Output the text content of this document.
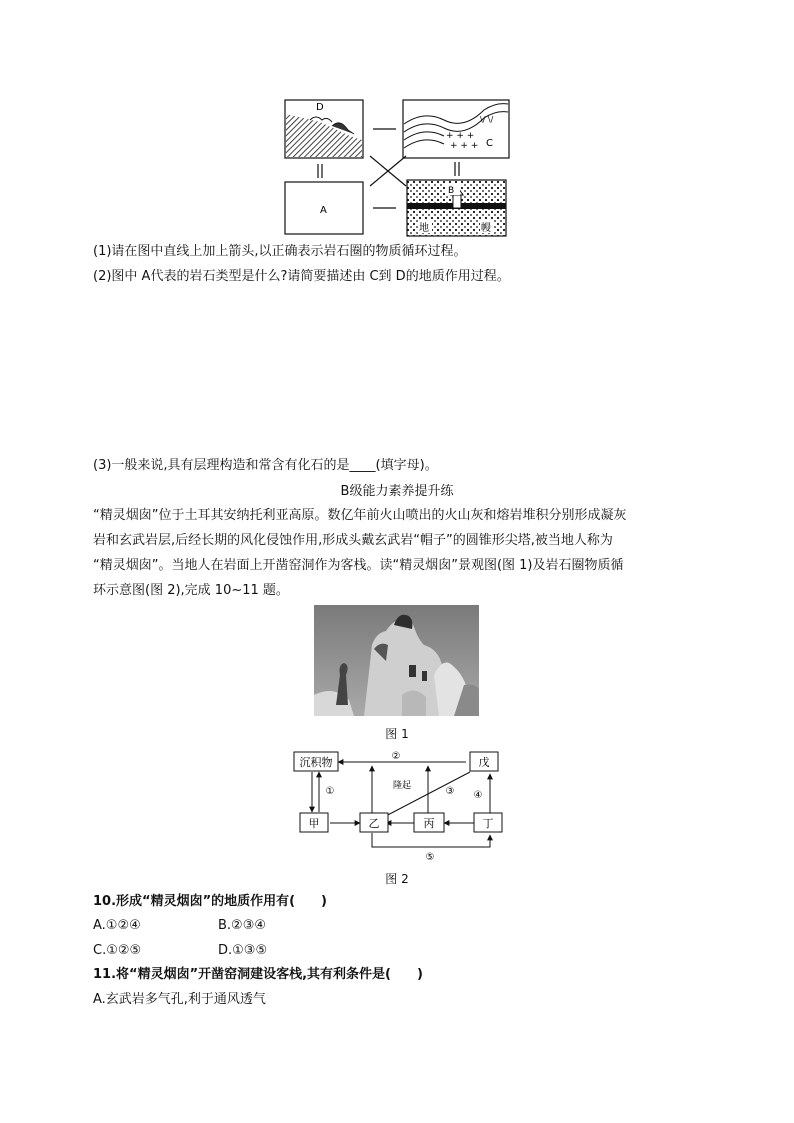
D
+ + +
+ + +
\/ \/
C
A
B
地	幔
(1)请在图中直线上加上箭头,以正确表示岩石圈的物质循环过程。
(2)图中 A代表的岩石类型是什么?请简要描述由 C到 D的地质作用过程。
(3)一般来说,具有层理构造和常含有化石的是____(填字母)。
B级能力素养提升练
“精灵烟囱”位于土耳其安纳托利亚高原。数亿年前火山喷出的火山灰和熔岩堆积分别形成凝灰
岩和玄武岩层,后经长期的风化侵蚀作用,形成头戴玄武岩“帽子”的圆锥形尖塔,被当地人称为
“精灵烟囱”。当地人在岩面上开凿窑洞作为客栈。读“精灵烟囱”景观图(图 1)及岩石圈物质循
环示意图(图 2),完成 10~11 题。
图 1
沉积物	戊
甲	乙	丙	丁
②
隆起	③
①	④
⑤
图 2
10.形成“精灵烟囱”的地质作用有(　　)
A.①②④	B.②③④
C.①②⑤	D.①③⑤
11.将“精灵烟囱”开凿窑洞建设客栈,其有利条件是(　　)
A.玄武岩多气孔,利于通风透气
